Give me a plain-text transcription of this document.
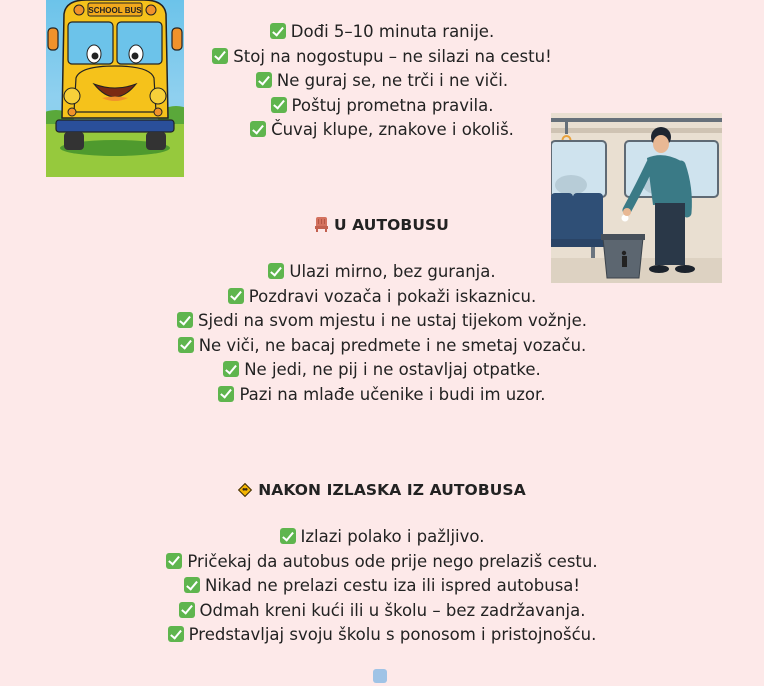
SCHOOL BUS
Dođi 5–10 minuta ranije.
Stoj na nogostupu – ne silazi na cestu!
Ne guraj se, ne trči i ne viči.
Poštuj prometna pravila.
Čuvaj klupe, znakove i okoliš.
U AUTOBUSU
Ulazi mirno, bez guranja.
Pozdravi vozača i pokaži iskaznicu.
Sjedi na svom mjestu i ne ustaj tijekom vožnje.
Ne viči, ne bacaj predmete i ne smetaj vozaču.
Ne jedi, ne pij i ne ostavljaj otpatke.
Pazi na mlađe učenike i budi im uzor.
NAKON IZLASKA IZ AUTOBUSA
Izlazi polako i pažljivo.
Pričekaj da autobus ode prije nego prelaziš cestu.
Nikad ne prelazi cestu iza ili ispred autobusa!
Odmah kreni kući ili u školu – bez zadržavanja.
Predstavljaj svoju školu s ponosom i pristojnošću.
